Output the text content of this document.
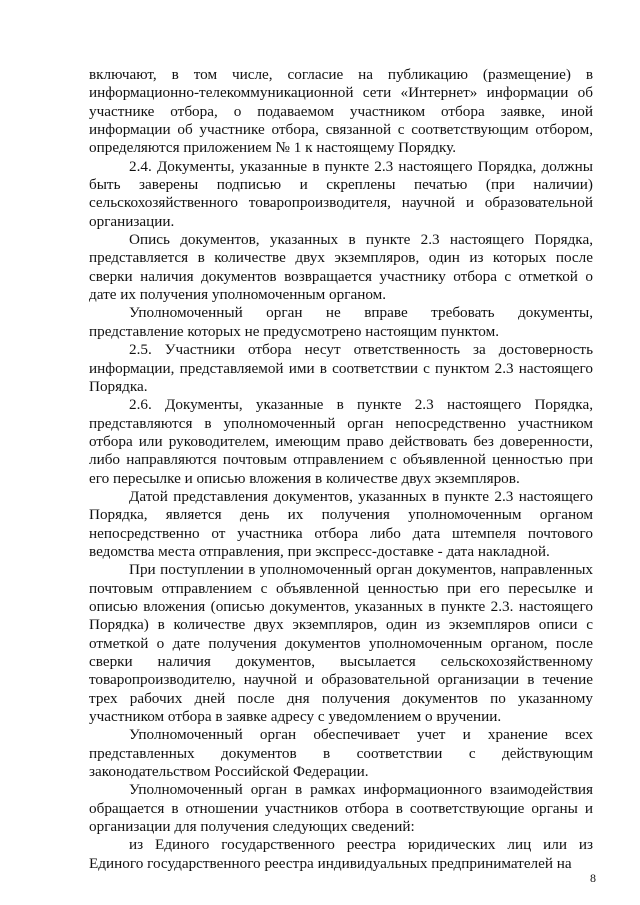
включают, в том числе, согласие на публикацию (размещение) в информационно-телекоммуникационной сети «Интернет» информации об участнике отбора, о подаваемом участником отбора заявке, иной информации об участнике отбора, связанной с соответствующим отбором, определяются приложением № 1 к настоящему Порядку.

2.4. Документы, указанные в пункте 2.3 настоящего Порядка, должны быть заверены подписью и скреплены печатью (при наличии) сельскохозяйственного товаропроизводителя, научной и образовательной организации.

Опись документов, указанных в пункте 2.3 настоящего Порядка, представляется в количестве двух экземпляров, один из которых после сверки наличия документов возвращается участнику отбора с отметкой о дате их получения уполномоченным органом.

Уполномоченный орган не вправе требовать документы, представление которых не предусмотрено настоящим пунктом.

2.5. Участники отбора несут ответственность за достоверность информации, представляемой ими в соответствии с пунктом 2.3 настоящего Порядка.

2.6. Документы, указанные в пункте 2.3 настоящего Порядка, представляются в уполномоченный орган непосредственно участником отбора или руководителем, имеющим право действовать без доверенности, либо направляются почтовым отправлением с объявленной ценностью при его пересылке и описью вложения в количестве двух экземпляров.

Датой представления документов, указанных в пункте 2.3 настоящего Порядка, является день их получения уполномоченным органом непосредственно от участника отбора либо дата штемпеля почтового ведомства места отправления, при экспресс-доставке - дата накладной.

При поступлении в уполномоченный орган документов, направленных почтовым отправлением с объявленной ценностью при его пересылке и описью вложения (описью документов, указанных в пункте 2.3. настоящего Порядка) в количестве двух экземпляров, один из экземпляров описи с отметкой о дате получения документов уполномоченным органом, после сверки наличия документов, высылается сельскохозяйственному товаропроизводителю, научной и образовательной организации в течение трех рабочих дней после дня получения документов по указанному участником отбора в заявке адресу с уведомлением о вручении.

Уполномоченный орган обеспечивает учет и хранение всех представленных документов в соответствии с действующим законодательством Российской Федерации.

Уполномоченный орган в рамках информационного взаимодействия обращается в отношении участников отбора в соответствующие органы и организации для получения следующих сведений:

из Единого государственного реестра юридических лиц или из Единого государственного реестра индивидуальных предпринимателей на

8
